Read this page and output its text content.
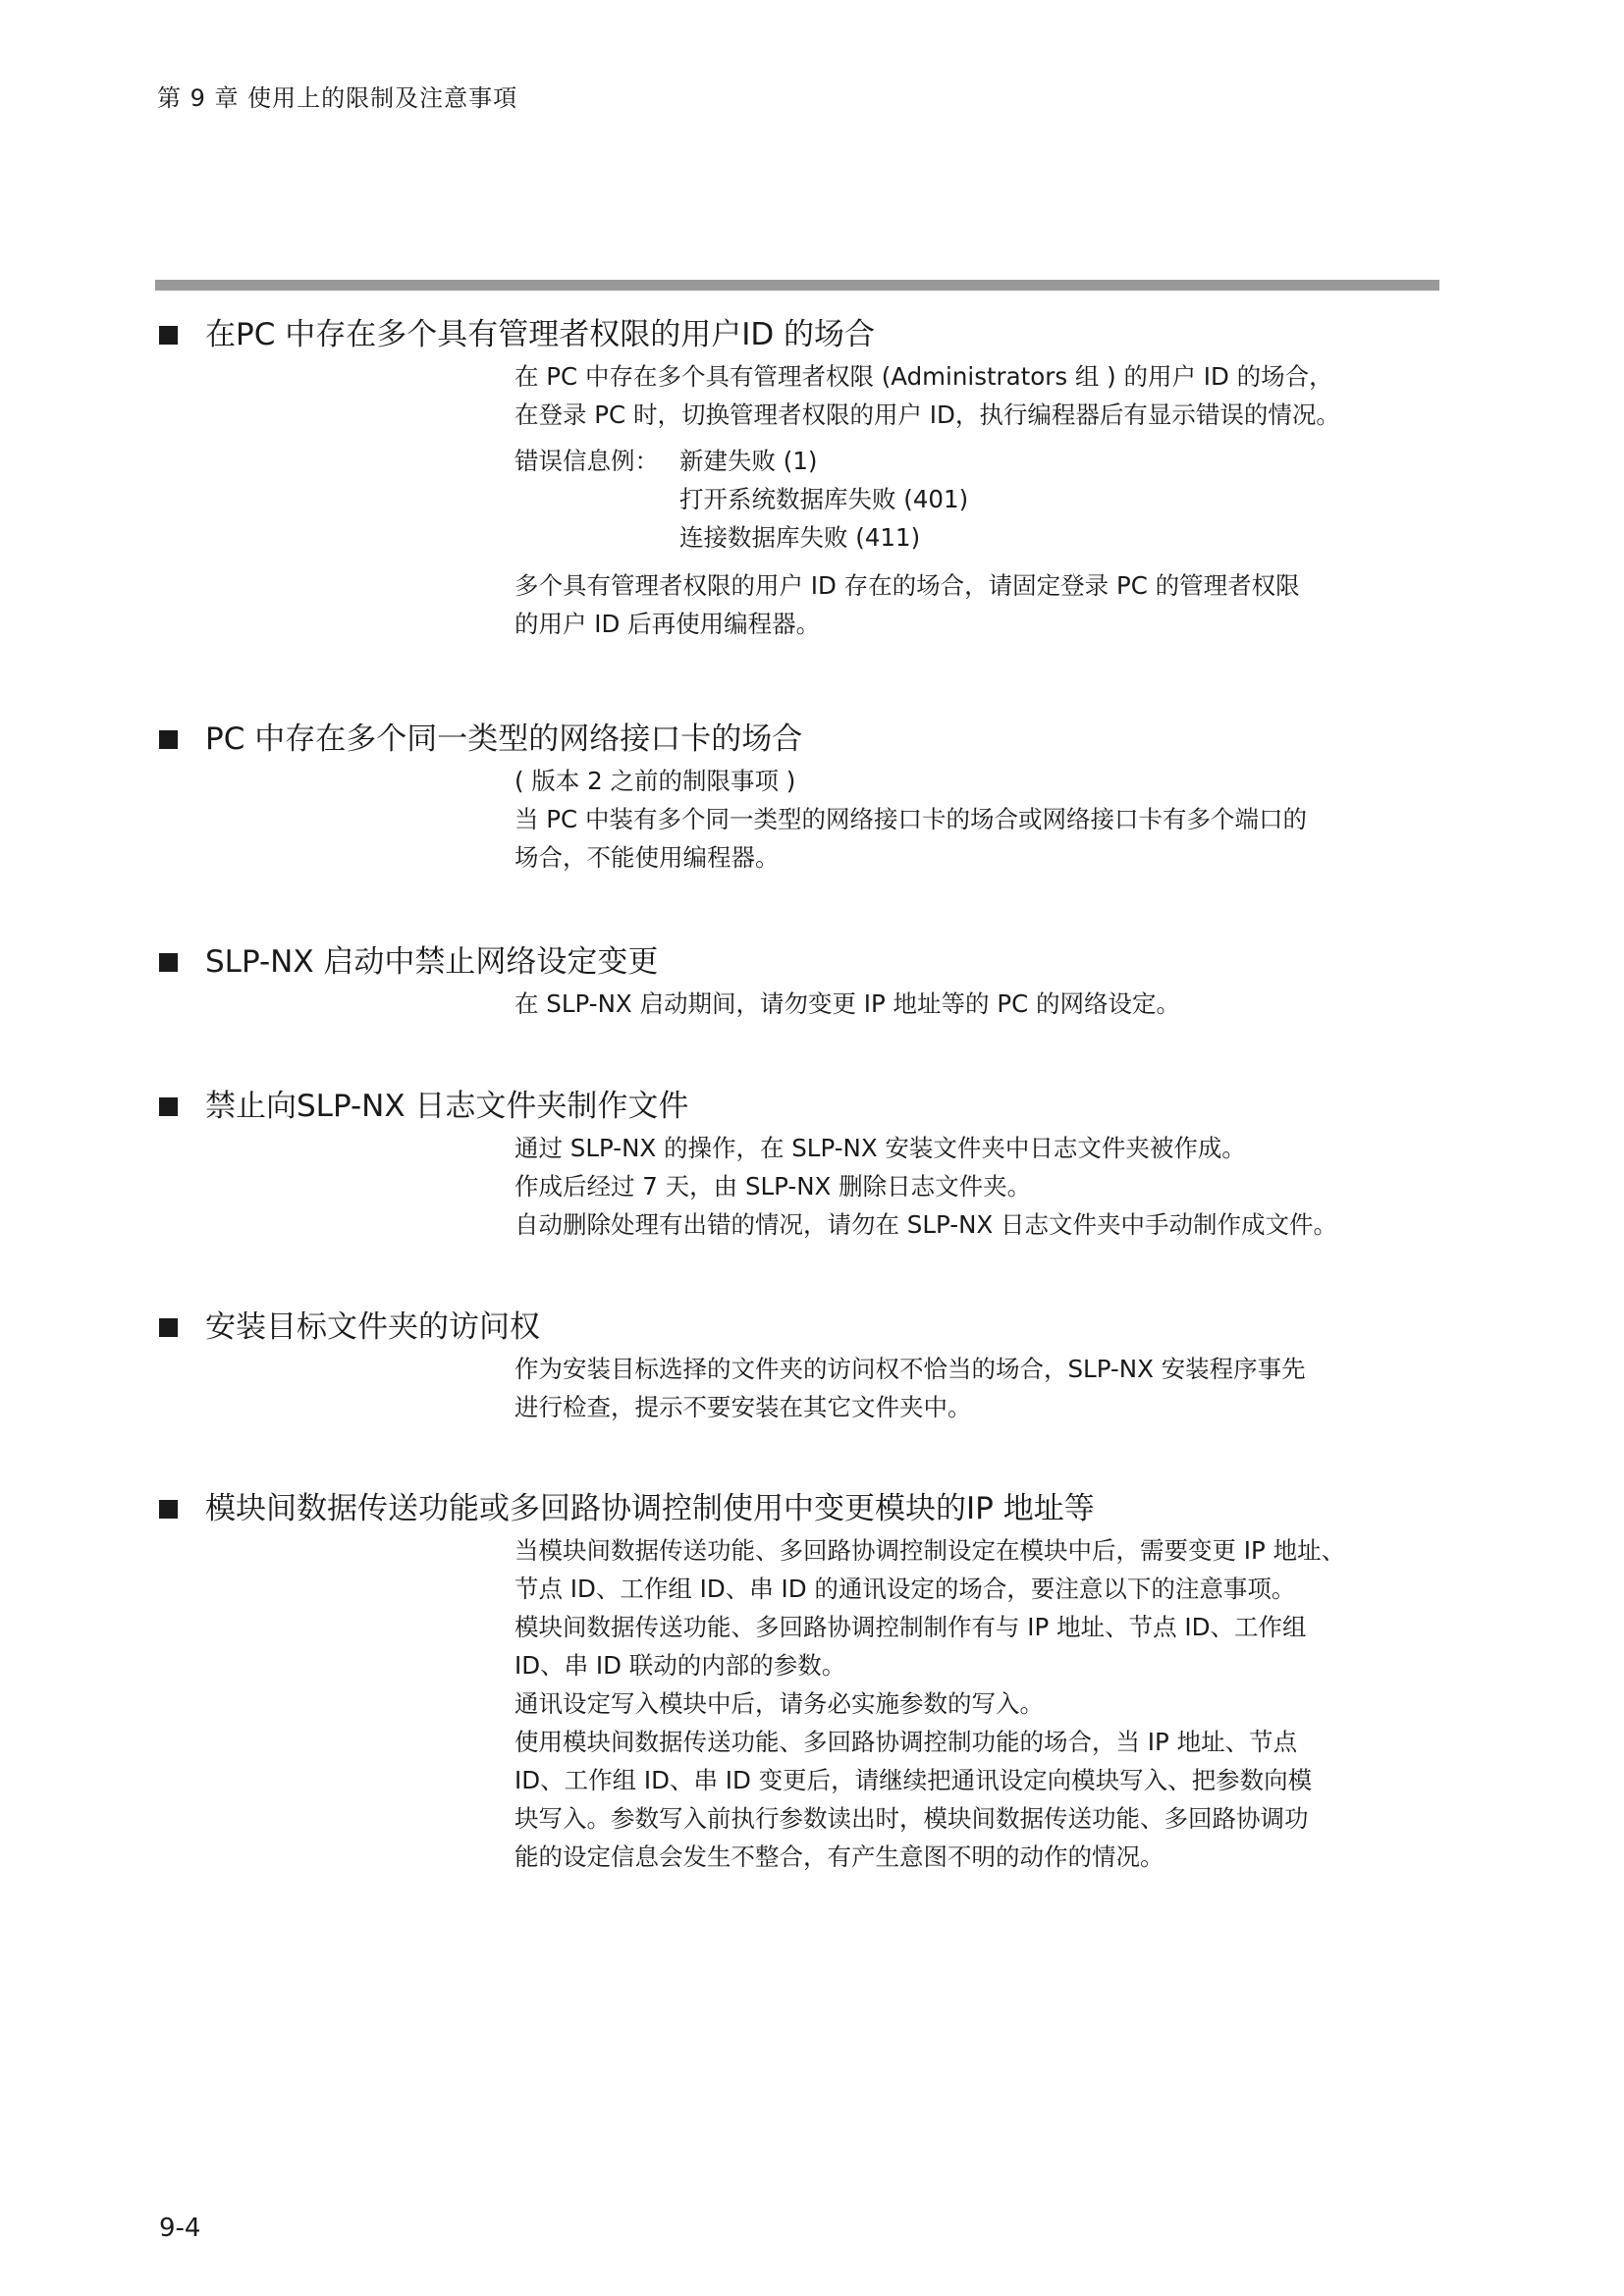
第 9 章 使用上的限制及注意事項
在PC 中存在多个具有管理者权限的用户ID 的场合

在 PC 中存在多个具有管理者权限 (Administrators 组 ) 的用户 ID 的场合，

在登录 PC 时，切换管理者权限的用户 ID，执行编程器后有显示错误的情况。

错误信息例： 新建失败 (1)

打开系统数据库失败 (401)

连接数据库失败 (411)

多个具有管理者权限的用户 ID 存在的场合，请固定登录 PC 的管理者权限

的用户 ID 后再使用编程器。

PC 中存在多个同一类型的网络接口卡的场合

( 版本 2 之前的制限事项 )

当 PC 中装有多个同一类型的网络接口卡的场合或网络接口卡有多个端口的

场合，不能使用编程器。

SLP-NX 启动中禁止网络设定变更

在 SLP-NX 启动期间，请勿变更 IP 地址等的 PC 的网络设定。

禁止向SLP-NX 日志文件夹制作文件

通过 SLP-NX 的操作，在 SLP-NX 安装文件夹中日志文件夹被作成。

作成后经过 7 天，由 SLP-NX 删除日志文件夹。

自动删除处理有出错的情况，请勿在 SLP-NX 日志文件夹中手动制作成文件。

安装目标文件夹的访问权

作为安装目标选择的文件夹的访问权不恰当的场合，SLP-NX 安装程序事先

进行检查，提示不要安装在其它文件夹中。

模块间数据传送功能或多回路协调控制使用中变更模块的IP 地址等

当模块间数据传送功能、多回路协调控制设定在模块中后，需要变更 IP 地址、

节点 ID、工作组 ID、串 ID 的通讯设定的场合，要注意以下的注意事项。

模块间数据传送功能、多回路协调控制制作有与 IP 地址、节点 ID、工作组

ID、串 ID 联动的内部的参数。

通讯设定写入模块中后，请务必实施参数的写入。

使用模块间数据传送功能、多回路协调控制功能的场合，当 IP 地址、节点

ID、工作组 ID、串 ID 变更后，请继续把通讯设定向模块写入、把参数向模

块写入。参数写入前执行参数读出时，模块间数据传送功能、多回路协调功

能的设定信息会发生不整合，有产生意图不明的动作的情况。

9-4
